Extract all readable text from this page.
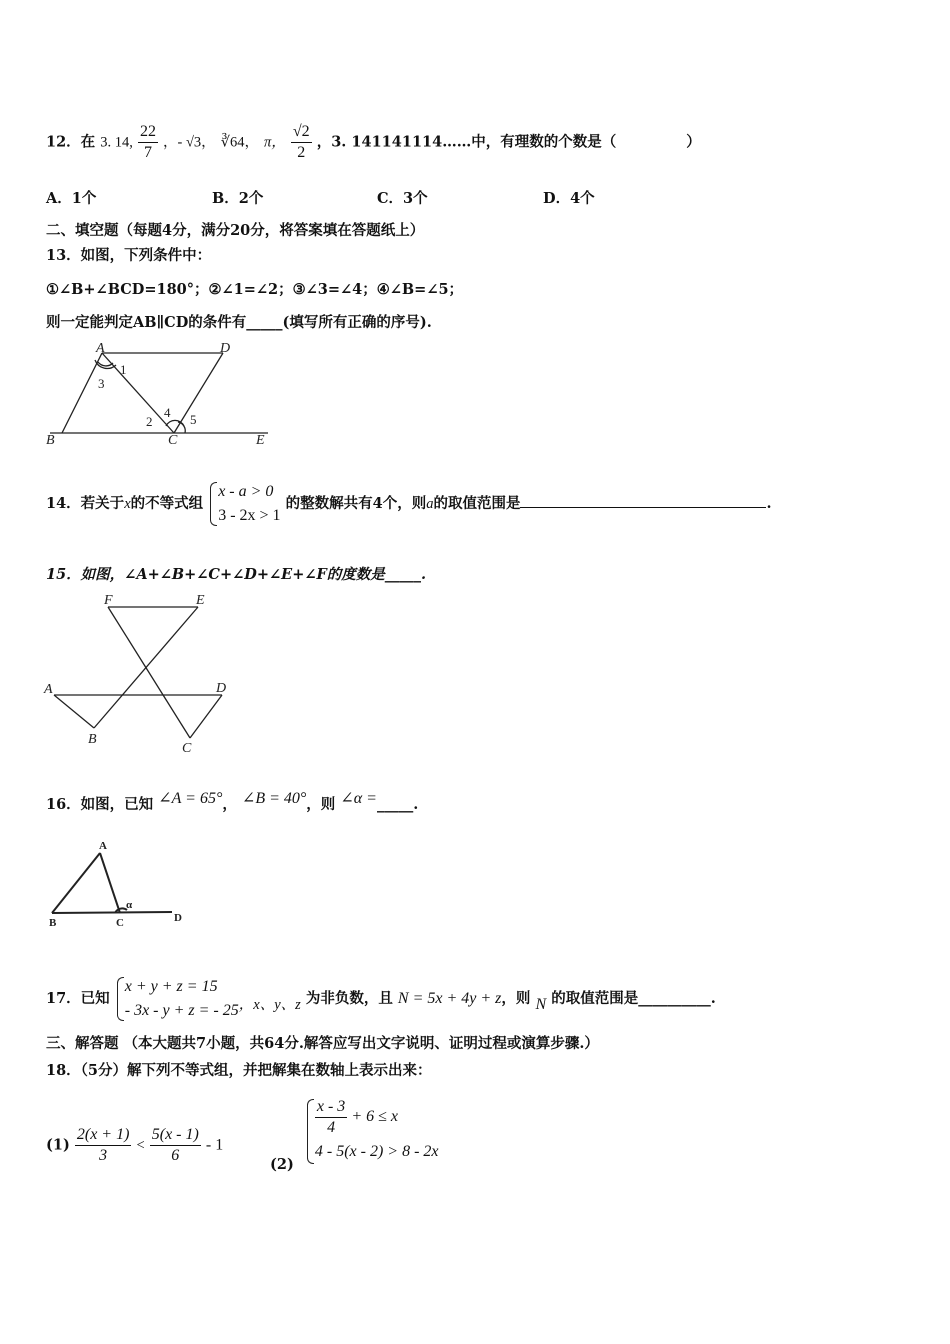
12．在 3. 14, $\frac{22}{7}$ ，- √3， ∛64， π， $\frac{√2}{2}$ ，3. 141141114……中，有理数的个数是（	）
A．1个	B．2个	C．3个	D．4个
二、填空题（每题4分，满分20分，将答案填在答题纸上）
13．如图，下列条件中：
①∠B+∠BCD=180°；②∠1=∠2；③∠3=∠4；④∠B=∠5；
则一定能判定AB∥CD的条件有_____(填写所有正确的序号).
A	D
B	C	E
1
3
2
4 5
14．若关于x的不等式组
x - a > 0
3 - 2x > 1
的整数解共有4个，则a的取值范围是	.
15．如图，∠A+∠B+∠C+∠D+∠E+∠F的度数是_____.
F	E
A	D
B
C
16．如图，已知 ∠A = 65°， ∠B = 40°，则 ∠α =_____.
A
B	C	D
α
17．已知
x + y + z = 15
- 3x - y + z = - 25 ，x、y、z 为非负数，且 N = 5x + 4y + z，则 N 的取值范围是__________.
三、解答题 （本大题共7小题，共64分.解答应写出文字说明、证明过程或演算步骤.）
18．（5分）解下列不等式组，并把解集在数轴上表示出来：
$(1) \frac{2(x + 1)}{3} < \frac{5(x - 1)}{6} - 1$
(2)
$\frac{x - 3}{4} + 6 \le x$
4 - 5(x - 2) > 8 - 2x
